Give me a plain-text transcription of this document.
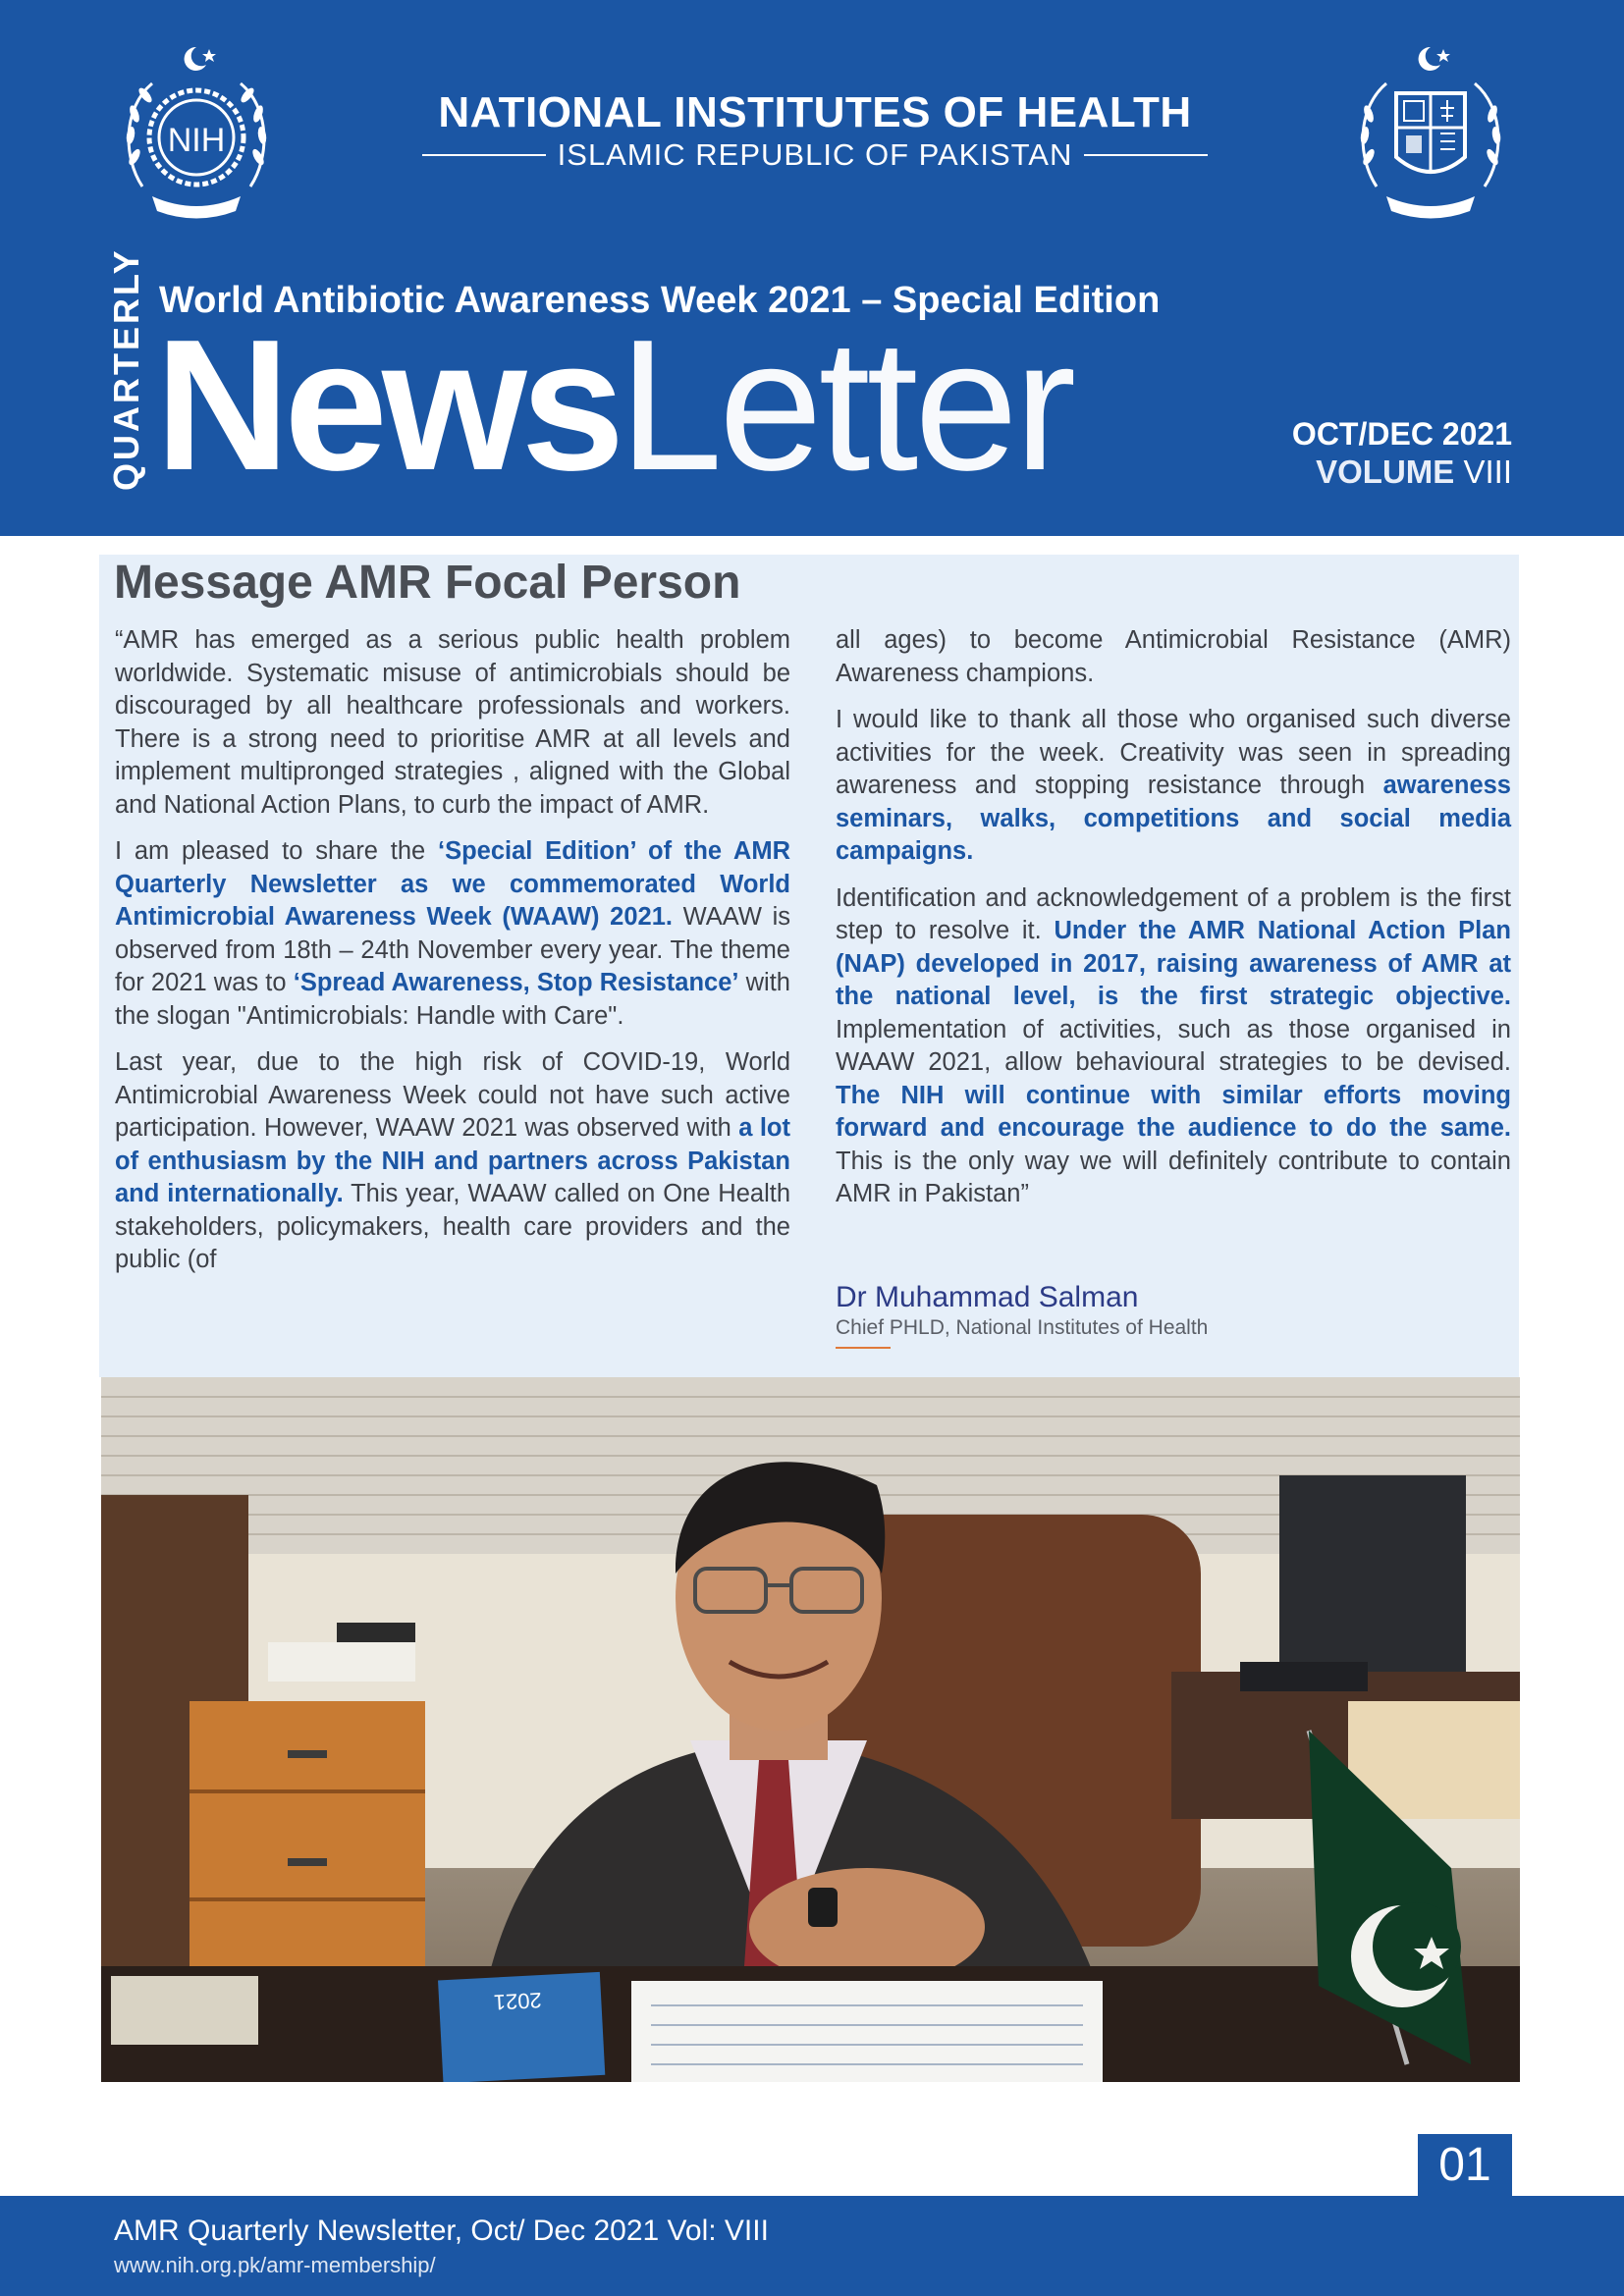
NIH
NATIONAL INSTITUTES OF HEALTH
ISLAMIC REPUBLIC OF PAKISTAN
QUARTERLY World Antibiotic Awareness Week 2021 – Special Edition
NewsLetter	OCT/DEC 2021
VOLUME VIII
Message AMR Focal Person

“AMR has emerged as a serious public health problem worldwide. Systematic misuse of antimicrobials should be discouraged by all healthcare professionals and workers. There is a strong need to prioritise AMR at all levels and implement multipronged strategies , aligned with the Global and National Action Plans, to curb the impact of AMR.

I am pleased to share the ‘Special Edition’ of the AMR Quarterly Newsletter as we commemorated World Antimicrobial Awareness Week (WAAW) 2021. WAAW is observed from 18th – 24th November every year. The theme for 2021 was to ‘Spread Awareness, Stop Resistance’ with the slogan "Antimicrobials: Handle with Care".

Last year, due to the high risk of COVID-19, World Antimicrobial Awareness Week could not have such active participation. However, WAAW 2021 was observed with a lot of enthusiasm by the NIH and partners across Pakistan and internationally. This year, WAAW called on One Health stakeholders, policymakers, health care providers and the public (of

all ages) to become Antimicrobial Resistance (AMR) Awareness champions.

I would like to thank all those who organised such diverse activities for the week. Creativity was seen in spreading awareness and stopping resistance through awareness seminars, walks, competitions and social media campaigns.

Identification and acknowledgement of a problem is the first step to resolve it. Under the AMR National Action Plan (NAP) developed in 2017, raising awareness of AMR at the national level, is the first strategic objective. Implementation of activities, such as those organised in WAAW 2021, allow behavioural strategies to be devised. The NIH will continue with similar efforts moving forward and encourage the audience to do the same. This is the only way we will definitely contribute to contain AMR in Pakistan”

Dr Muhammad Salman
Chief PHLD, National Institutes of Health
2021
01
AMR Quarterly Newsletter, Oct/ Dec 2021 Vol: VIII
www.nih.org.pk/amr-membership/
